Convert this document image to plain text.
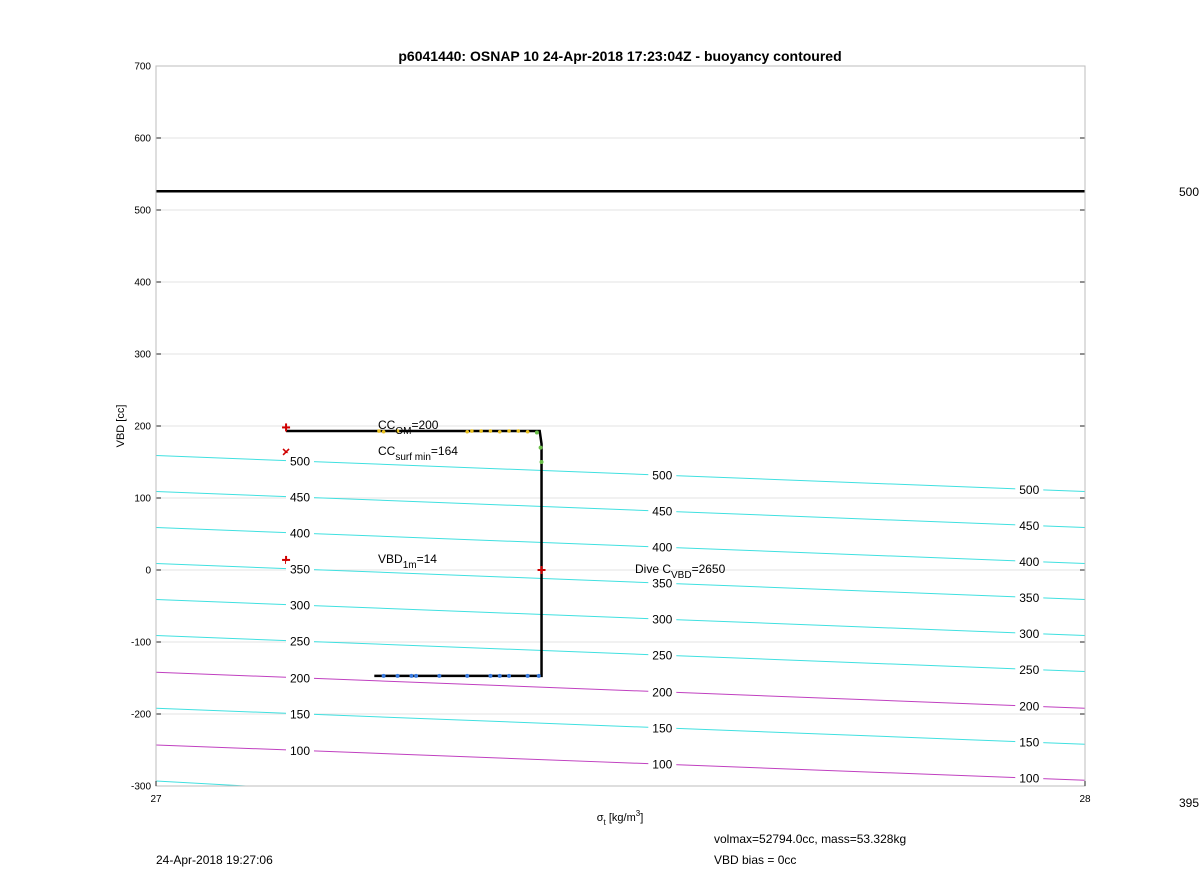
p6041440: OSNAP 10 24-Apr-2018 17:23:04Z - buoyancy contoured
100
100
100
150
150
150
200
200
200
250
250
250
300
300
300
350
350
350
400
400
400
450
450
450
500
500
500
700
600
500
400
300
200
100
0
-100
-200
-300
27	28
$CC_{OM}=200$
$CC_{surf min}=164$
$VBD_{1m}=14$
Dive $C_{VBD}=2650$
VBD [cc]
$\sigma_t$ $[kg/m^3]$
500
395
24-Apr-2018 19:27:06
volmax=52794.0cc, mass=53.328kg
VBD bias = 0cc
